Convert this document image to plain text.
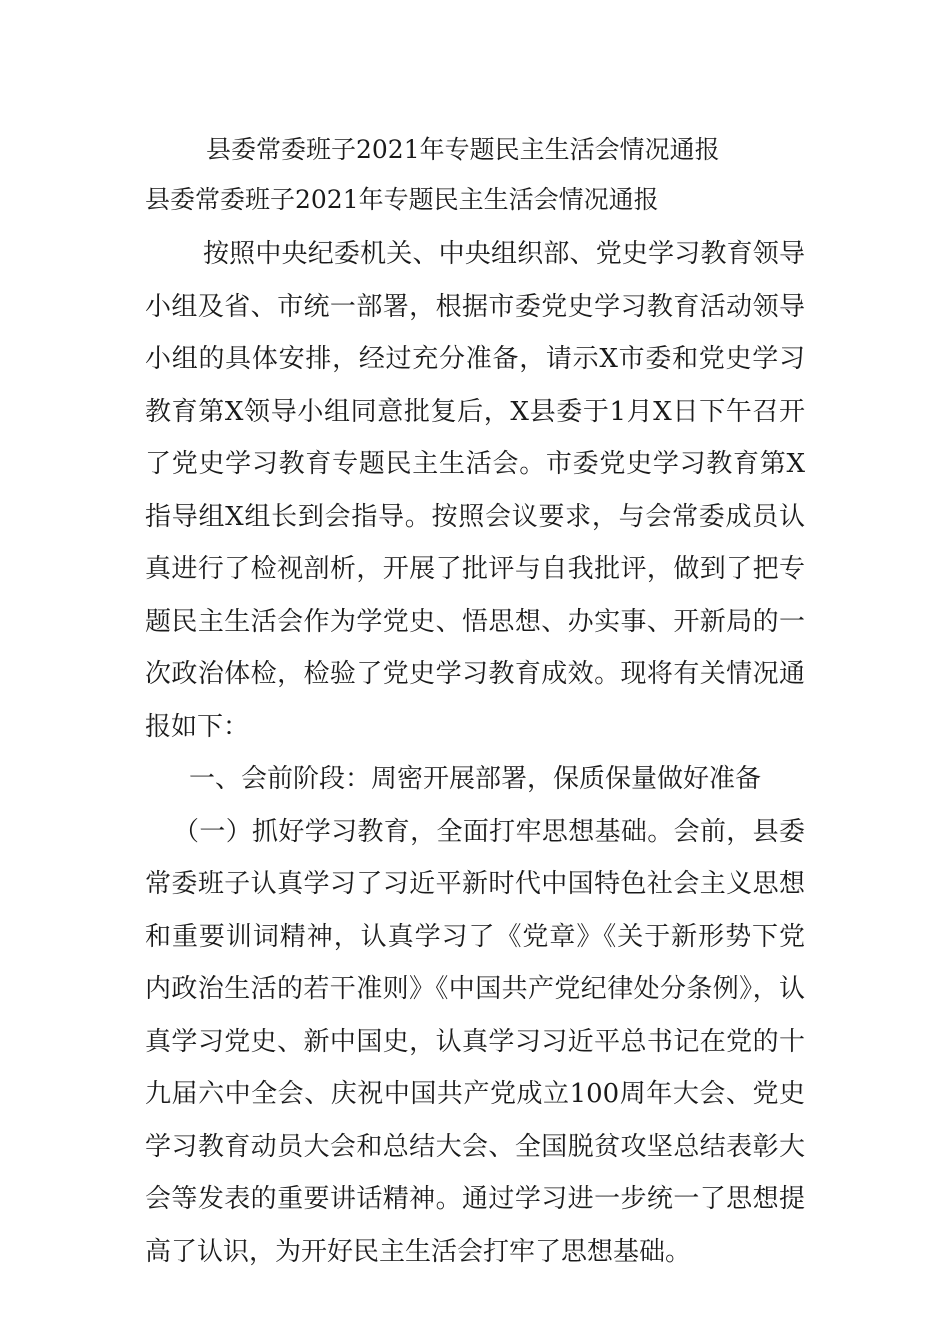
县委常委班子2021年专题民主生活会情况通报
县委常委班子2021年专题民主生活会情况通报

按照中央纪委机关、中央组织部、党史学习教育领导小组及省、市统一部署，根据市委党史学习教育活动领导小组的具体安排，经过充分准备，请示X市委和党史学习教育第X领导小组同意批复后，X县委于1月X日下午召开了党史学习教育专题民主生活会。市委党史学习教育第X指导组X组长到会指导。按照会议要求，与会常委成员认真进行了检视剖析，开展了批评与自我批评，做到了把专题民主生活会作为学党史、悟思想、办实事、开新局的一次政治体检，检验了党史学习教育成效。现将有关情况通报如下：

一、会前阶段：周密开展部署，保质保量做好准备

（一）抓好学习教育，全面打牢思想基础。会前，县委常委班子认真学习了习近平新时代中国特色社会主义思想和重要训词精神，认真学习了《党章》《关于新形势下党内政治生活的若干准则》《中国共产党纪律处分条例》，认真学习党史、新中国史，认真学习习近平总书记在党的十九届六中全会、庆祝中国共产党成立100周年大会、党史学习教育动员大会和总结大会、全国脱贫攻坚总结表彰大会等发表的重要讲话精神。通过学习进一步统一了思想提高了认识，为开好民主生活会打牢了思想基础。
